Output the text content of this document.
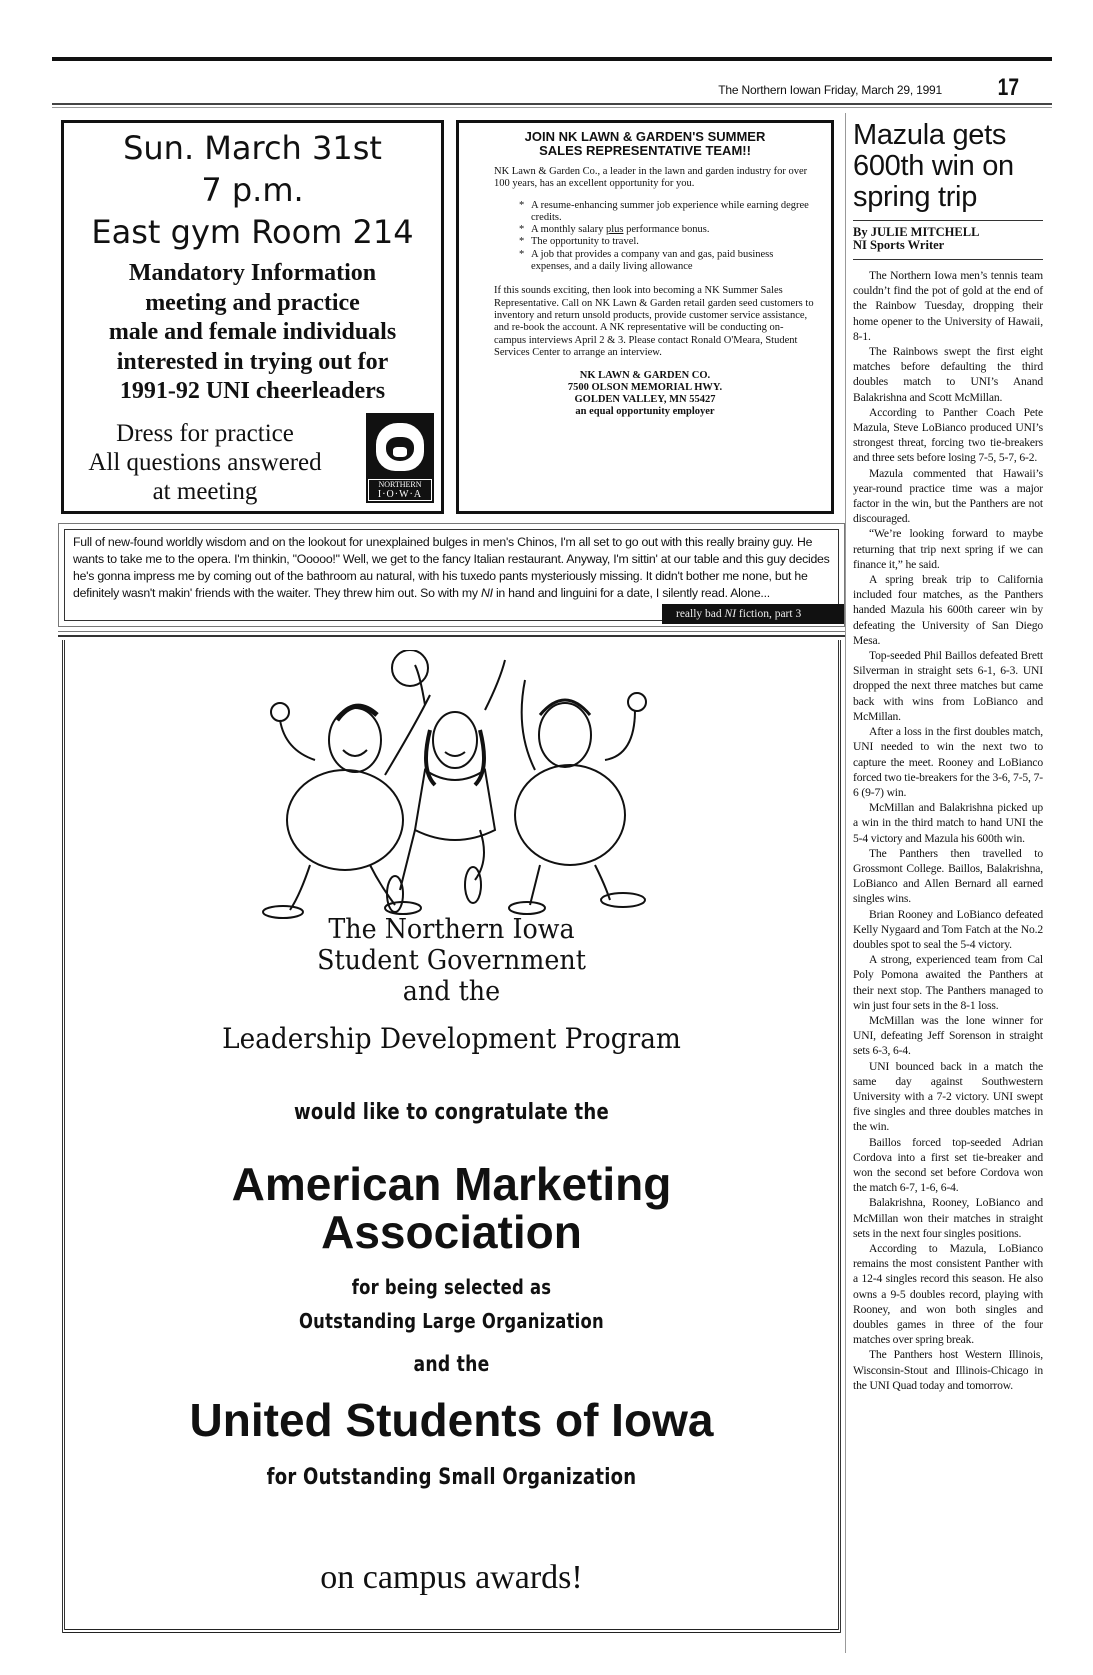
The Northern Iowan Friday, March 29, 1991 17
Sun. March 31st
7 p.m.
East gym Room 214
Mandatory Information
meeting and practice
male and female individuals
interested in trying out for
1991-92 UNI cheerleaders
Dress for practice
All questions answered
at meeting	NORTHERN
I·O·W·A
JOIN NK LAWN & GARDEN'S SUMMER
SALES REPRESENTATIVE TEAM!!

NK Lawn & Garden Co., a leader in the lawn and garden industry for over 100 years, has an excellent opportunity for you.

* A resume-enhancing summer job experience while earning degree credits.
* A monthly salary plus performance bonus.
* The opportunity to travel.
* A job that provides a company van and gas, paid business expenses, and a daily living allowance

If this sounds exciting, then look into becoming a NK Summer Sales Representative. Call on NK Lawn & Garden retail garden seed customers to inventory and return unsold products, provide customer service assistance, and re-book the account. A NK representative will be conducting on-campus interviews April 2 & 3. Please contact Ronald O'Meara, Student Services Center to arrange an interview.

NK LAWN & GARDEN CO.
7500 OLSON MEMORIAL HWY.
GOLDEN VALLEY, MN 55427
an equal opportunity employer
Full of new-found worldly wisdom and on the lookout for unexplained bulges in men's Chinos, I'm all set to go out with this really brainy guy. He wants to take me to the opera. I'm thinkin, "Ooooo!" Well, we get to the fancy Italian restaurant. Anyway, I'm sittin' at our table and this guy decides he's gonna impress me by coming out of the bathroom au natural, with his tuxedo pants mysteriously missing. It didn't bother me none, but he definitely wasn't makin' friends with the waiter. They threw him out. So with my NI in hand and linguini for a date, I silently read. Alone...
really bad NI fiction, part 3
The Northern Iowa
Student Government
and the
Leadership Development Program
would like to congratulate the
American Marketing
Association
for being selected as
Outstanding Large Organization
and the
United Students of Iowa
for Outstanding Small Organization
on campus awards!
Mazula gets 600th win on spring trip
By JULIE MITCHELL
NI Sports Writer

The Northern Iowa men’s tennis team couldn’t find the pot of gold at the end of the Rainbow Tuesday, dropping their home opener to the University of Hawaii, 8-1.

The Rainbows swept the first eight matches before defaulting the third doubles match to UNI’s Anand Balakrishna and Scott McMillan.

According to Panther Coach Pete Mazula, Steve LoBianco produced UNI’s strongest threat, forcing two tie-breakers and three sets before losing 7-5, 5-7, 6-2.

Mazula commented that Hawaii’s year-round practice time was a major factor in the win, but the Panthers are not discouraged.

“We’re looking forward to maybe returning that trip next spring if we can finance it,” he said.

A spring break trip to California included four matches, as the Panthers handed Mazula his 600th career win by defeating the University of San Diego Mesa.

Top-seeded Phil Baillos defeated Brett Silverman in straight sets 6-1, 6-3. UNI dropped the next three matches but came back with wins from LoBianco and McMillan.

After a loss in the first doubles match, UNI needed to win the next two to capture the meet. Rooney and LoBianco forced two tie-breakers for the 3-6, 7-5, 7-6 (9-7) win.

McMillan and Balakrishna picked up a win in the third match to hand UNI the 5-4 victory and Mazula his 600th win.

The Panthers then travelled to Grossmont College. Baillos, Balakrishna, LoBianco and Allen Bernard all earned singles wins.

Brian Rooney and LoBianco defeated Kelly Nygaard and Tom Fatch at the No.2 doubles spot to seal the 5-4 victory.

A strong, experienced team from Cal Poly Pomona awaited the Panthers at their next stop. The Panthers managed to win just four sets in the 8-1 loss.

McMillan was the lone winner for UNI, defeating Jeff Sorenson in straight sets 6-3, 6-4.

UNI bounced back in a match the same day against Southwestern University with a 7-2 victory. UNI swept five singles and three doubles matches in the win.

Baillos forced top-seeded Adrian Cordova into a first set tie-breaker and won the second set before Cordova won the match 6-7, 1-6, 6-4.

Balakrishna, Rooney, LoBianco and McMillan won their matches in straight sets in the next four singles positions.

According to Mazula, LoBianco remains the most consistent Panther with a 12-4 singles record this season. He also owns a 9-5 doubles record, playing with Rooney, and won both singles and doubles games in three of the four matches over spring break.

The Panthers host Western Illinois, Wisconsin-Stout and Illinois-Chicago in the UNI Quad today and tomorrow.
